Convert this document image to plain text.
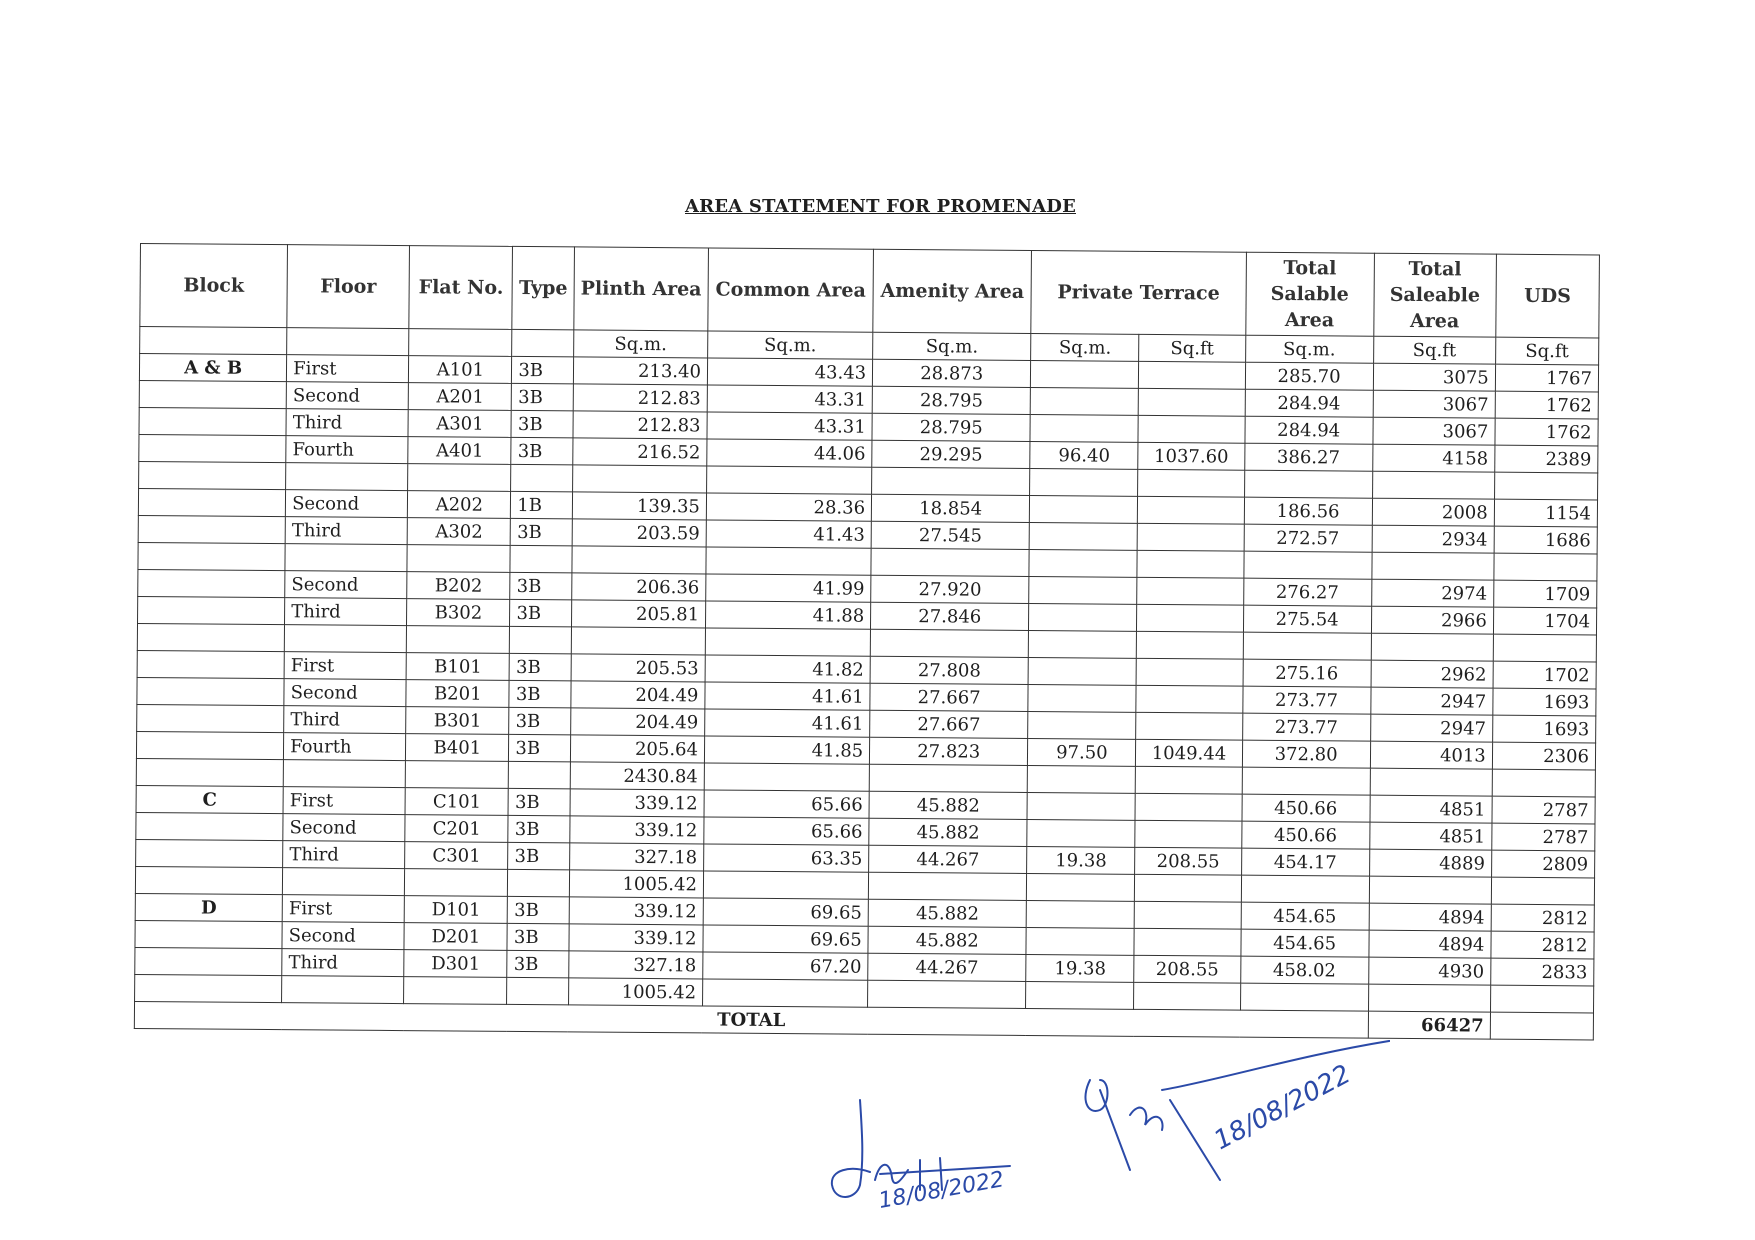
AREA STATEMENT FOR PROMENADE
Block	Floor	Flat No.	Type	Plinth Area	Common Area	Amenity Area	Private Terrace		Total Salable Area	Total Saleable Area	UDS
				Sq.m.	Sq.m.	Sq.m.	Sq.m.	Sq.ft	Sq.m.	Sq.ft	Sq.ft
A & B	First	A101	3B	213.40	43.43	28.873			285.70	3075	1767
	Second	A201	3B	212.83	43.31	28.795			284.94	3067	1762
	Third	A301	3B	212.83	43.31	28.795			284.94	3067	1762
	Fourth	A401	3B	216.52	44.06	29.295	96.40	1037.60	386.27	4158	2389

	Second	A202	1B	139.35	28.36	18.854			186.56	2008	1154
	Third	A302	3B	203.59	41.43	27.545			272.57	2934	1686

	Second	B202	3B	206.36	41.99	27.920			276.27	2974	1709
	Third	B302	3B	205.81	41.88	27.846			275.54	2966	1704

	First	B101	3B	205.53	41.82	27.808			275.16	2962	1702
	Second	B201	3B	204.49	41.61	27.667			273.77	2947	1693
	Third	B301	3B	204.49	41.61	27.667			273.77	2947	1693
	Fourth	B401	3B	205.64	41.85	27.823	97.50	1049.44	372.80	4013	2306
				2430.84							
C	First	C101	3B	339.12	65.66	45.882			450.66	4851	2787
	Second	C201	3B	339.12	65.66	45.882			450.66	4851	2787
	Third	C301	3B	327.18	63.35	44.267	19.38	208.55	454.17	4889	2809
				1005.42							
D	First	D101	3B	339.12	69.65	45.882			454.65	4894	2812
	Second	D201	3B	339.12	69.65	45.882			454.65	4894	2812
	Third	D301	3B	327.18	67.20	44.267	19.38	208.55	458.02	4930	2833
				1005.42							
TOTAL										66427	
18/08/2022
18/08/2022
